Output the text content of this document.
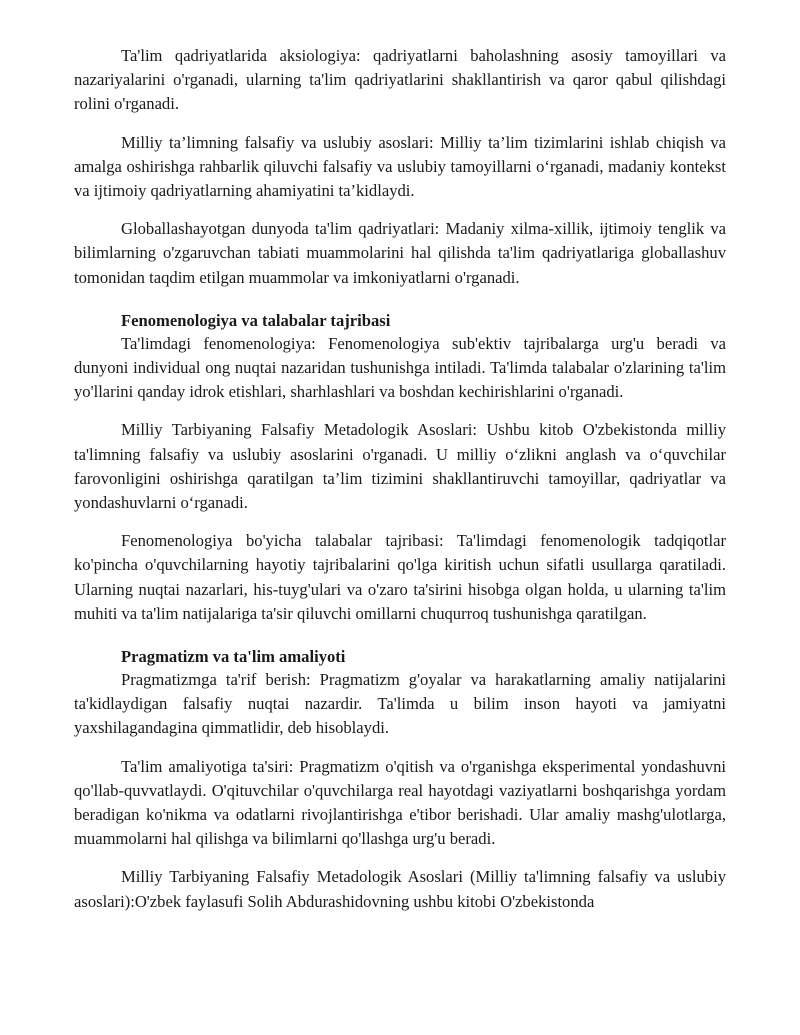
Ta'lim qadriyatlarida aksiologiya: qadriyatlarni baholashning asosiy tamoyillari va nazariyalarini o'rganadi, ularning ta'lim qadriyatlarini shakllantirish va qaror qabul qilishdagi rolini o'rganadi.

Milliy ta’limning falsafiy va uslubiy asoslari: Milliy ta’lim tizimlarini ishlab chiqish va amalga oshirishga rahbarlik qiluvchi falsafiy va uslubiy tamoyillarni o‘rganadi, madaniy kontekst va ijtimoiy qadriyatlarning ahamiyatini ta’kidlaydi.

Globallashayotgan dunyoda ta'lim qadriyatlari: Madaniy xilma-xillik, ijtimoiy tenglik va bilimlarning o'zgaruvchan tabiati muammolarini hal qilishda ta'lim qadriyatlariga globallashuv tomonidan taqdim etilgan muammolar va imkoniyatlarni o'rganadi.

Fenomenologiya va talabalar tajribasi

Ta'limdagi fenomenologiya: Fenomenologiya sub'ektiv tajribalarga urg'u beradi va dunyoni individual ong nuqtai nazaridan tushunishga intiladi. Ta'limda talabalar o'zlarining ta'lim yo'llarini qanday idrok etishlari, sharhlashlari va boshdan kechirishlarini o'rganadi.

Milliy Tarbiyaning Falsafiy Metadologik Asoslari: Ushbu kitob O'zbekistonda milliy ta'limning falsafiy va uslubiy asoslarini o'rganadi. U milliy o‘zlikni anglash va o‘quvchilar farovonligini oshirishga qaratilgan ta’lim tizimini shakllantiruvchi tamoyillar, qadriyatlar va yondashuvlarni o‘rganadi.

Fenomenologiya bo'yicha talabalar tajribasi: Ta'limdagi fenomenologik tadqiqotlar ko'pincha o'quvchilarning hayotiy tajribalarini qo'lga kiritish uchun sifatli usullarga qaratiladi. Ularning nuqtai nazarlari, his-tuyg'ulari va o'zaro ta'sirini hisobga olgan holda, u ularning ta'lim muhiti va ta'lim natijalariga ta'sir qiluvchi omillarni chuqurroq tushunishga qaratilgan.

Pragmatizm va ta'lim amaliyoti

Pragmatizmga ta'rif berish: Pragmatizm g'oyalar va harakatlarning amaliy natijalarini ta'kidlaydigan falsafiy nuqtai nazardir. Ta'limda u bilim inson hayoti va jamiyatni yaxshilagandagina qimmatlidir, deb hisoblaydi.

Ta'lim amaliyotiga ta'siri: Pragmatizm o'qitish va o'rganishga eksperimental yondashuvni qo'llab-quvvatlaydi. O'qituvchilar o'quvchilarga real hayotdagi vaziyatlarni boshqarishga yordam beradigan ko'nikma va odatlarni rivojlantirishga e'tibor berishadi. Ular amaliy mashg'ulotlarga, muammolarni hal qilishga va bilimlarni qo'llashga urg'u beradi.

Milliy Tarbiyaning Falsafiy Metadologik Asoslari (Milliy ta'limning falsafiy va uslubiy asoslari):O'zbek faylasufi Solih Abdurashidovning ushbu kitobi O'zbekistonda
